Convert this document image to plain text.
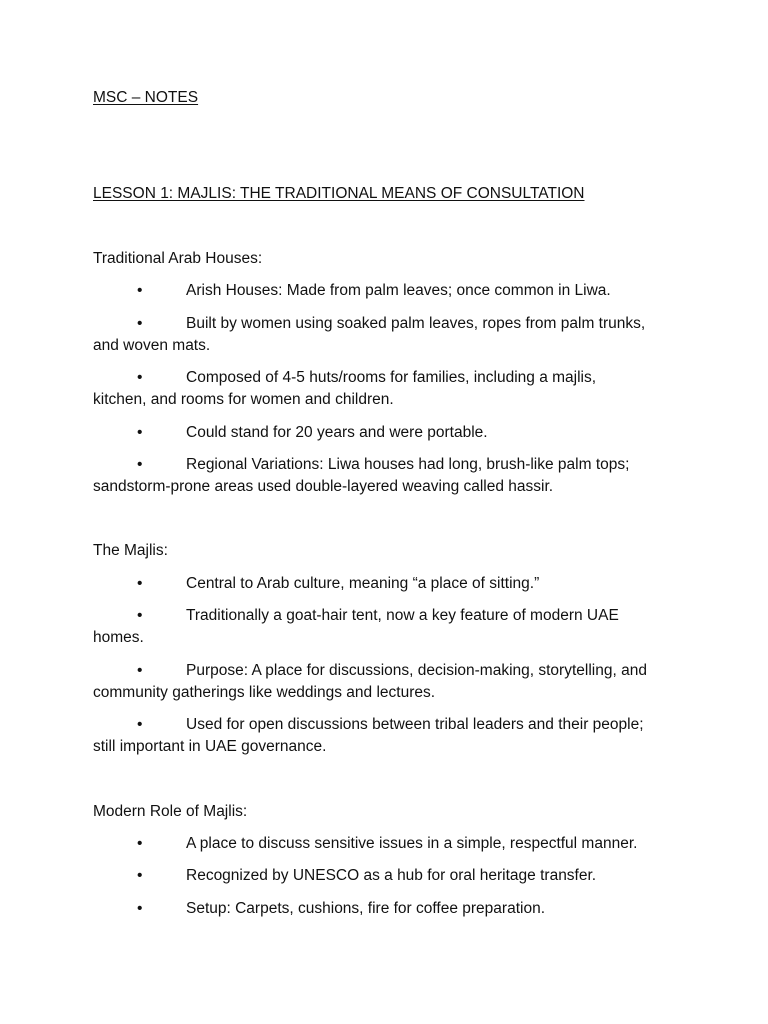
MSC – NOTES
LESSON 1: MAJLIS: THE TRADITIONAL MEANS OF CONSULTATION
Traditional Arab Houses:
•	Arish Houses: Made from palm leaves; once common in Liwa.
•	Built by women using soaked palm leaves, ropes from palm trunks,
and woven mats.
•	Composed of 4-5 huts/rooms for families, including a majlis,
kitchen, and rooms for women and children.
•	Could stand for 20 years and were portable.
•	Regional Variations: Liwa houses had long, brush-like palm tops;
sandstorm-prone areas used double-layered weaving called hassir.
The Majlis:
•	Central to Arab culture, meaning “a place of sitting.”
•	Traditionally a goat-hair tent, now a key feature of modern UAE
homes.
•	Purpose: A place for discussions, decision-making, storytelling, and
community gatherings like weddings and lectures.
•	Used for open discussions between tribal leaders and their people;
still important in UAE governance.
Modern Role of Majlis:
•	A place to discuss sensitive issues in a simple, respectful manner.
•	Recognized by UNESCO as a hub for oral heritage transfer.
•	Setup: Carpets, cushions, fire for coffee preparation.
